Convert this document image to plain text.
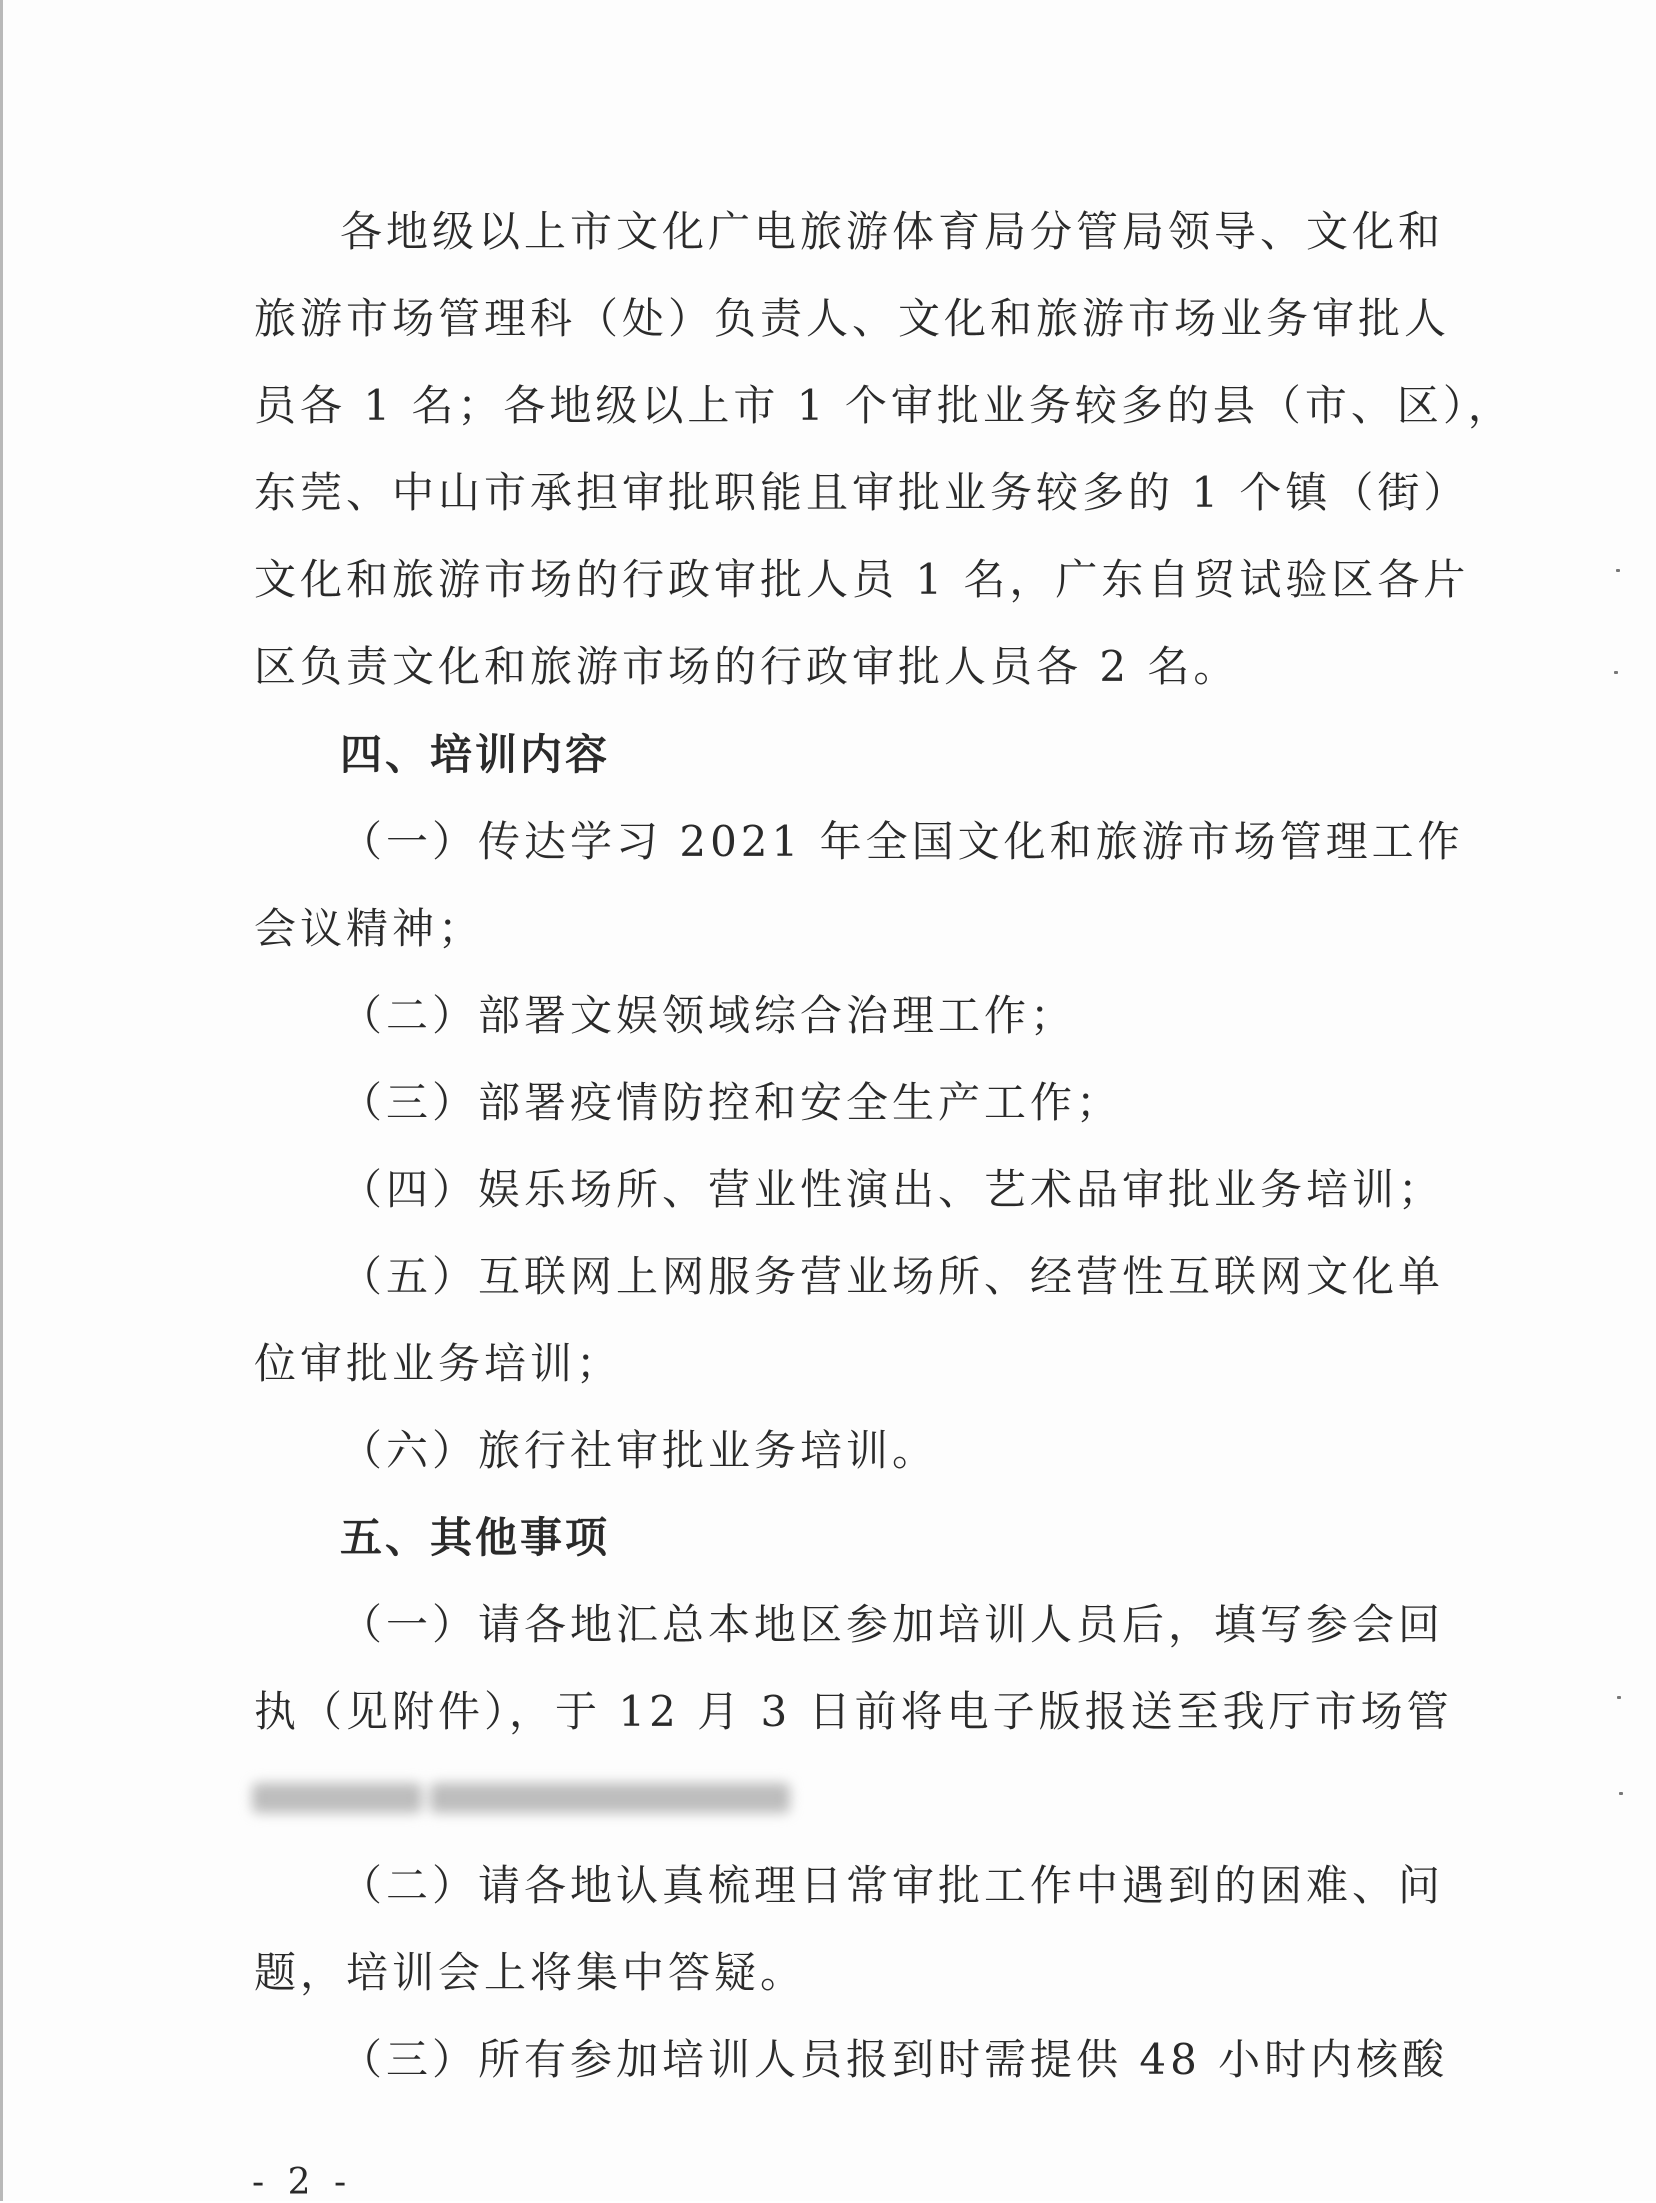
各地级以上市文化广电旅游体育局分管局领导、文化和
旅游市场管理科（处）负责人、文化和旅游市场业务审批人
员各 1 名；各地级以上市 1 个审批业务较多的县（市、区），
东莞、中山市承担审批职能且审批业务较多的 1 个镇（街）
文化和旅游市场的行政审批人员 1 名，广东自贸试验区各片
区负责文化和旅游市场的行政审批人员各 2 名。
四、培训内容
（一）传达学习 2021 年全国文化和旅游市场管理工作
会议精神；
（二）部署文娱领域综合治理工作；
（三）部署疫情防控和安全生产工作；
（四）娱乐场所、营业性演出、艺术品审批业务培训；
（五）互联网上网服务营业场所、经营性互联网文化单
位审批业务培训；
（六）旅行社审批业务培训。
五、其他事项
（一）请各地汇总本地区参加培训人员后，填写参会回
执（见附件），于 12 月 3 日前将电子版报送至我厅市场管
（二）请各地认真梳理日常审批工作中遇到的困难、问
题，培训会上将集中答疑。
（三）所有参加培训人员报到时需提供 48 小时内核酸
- 2 -
